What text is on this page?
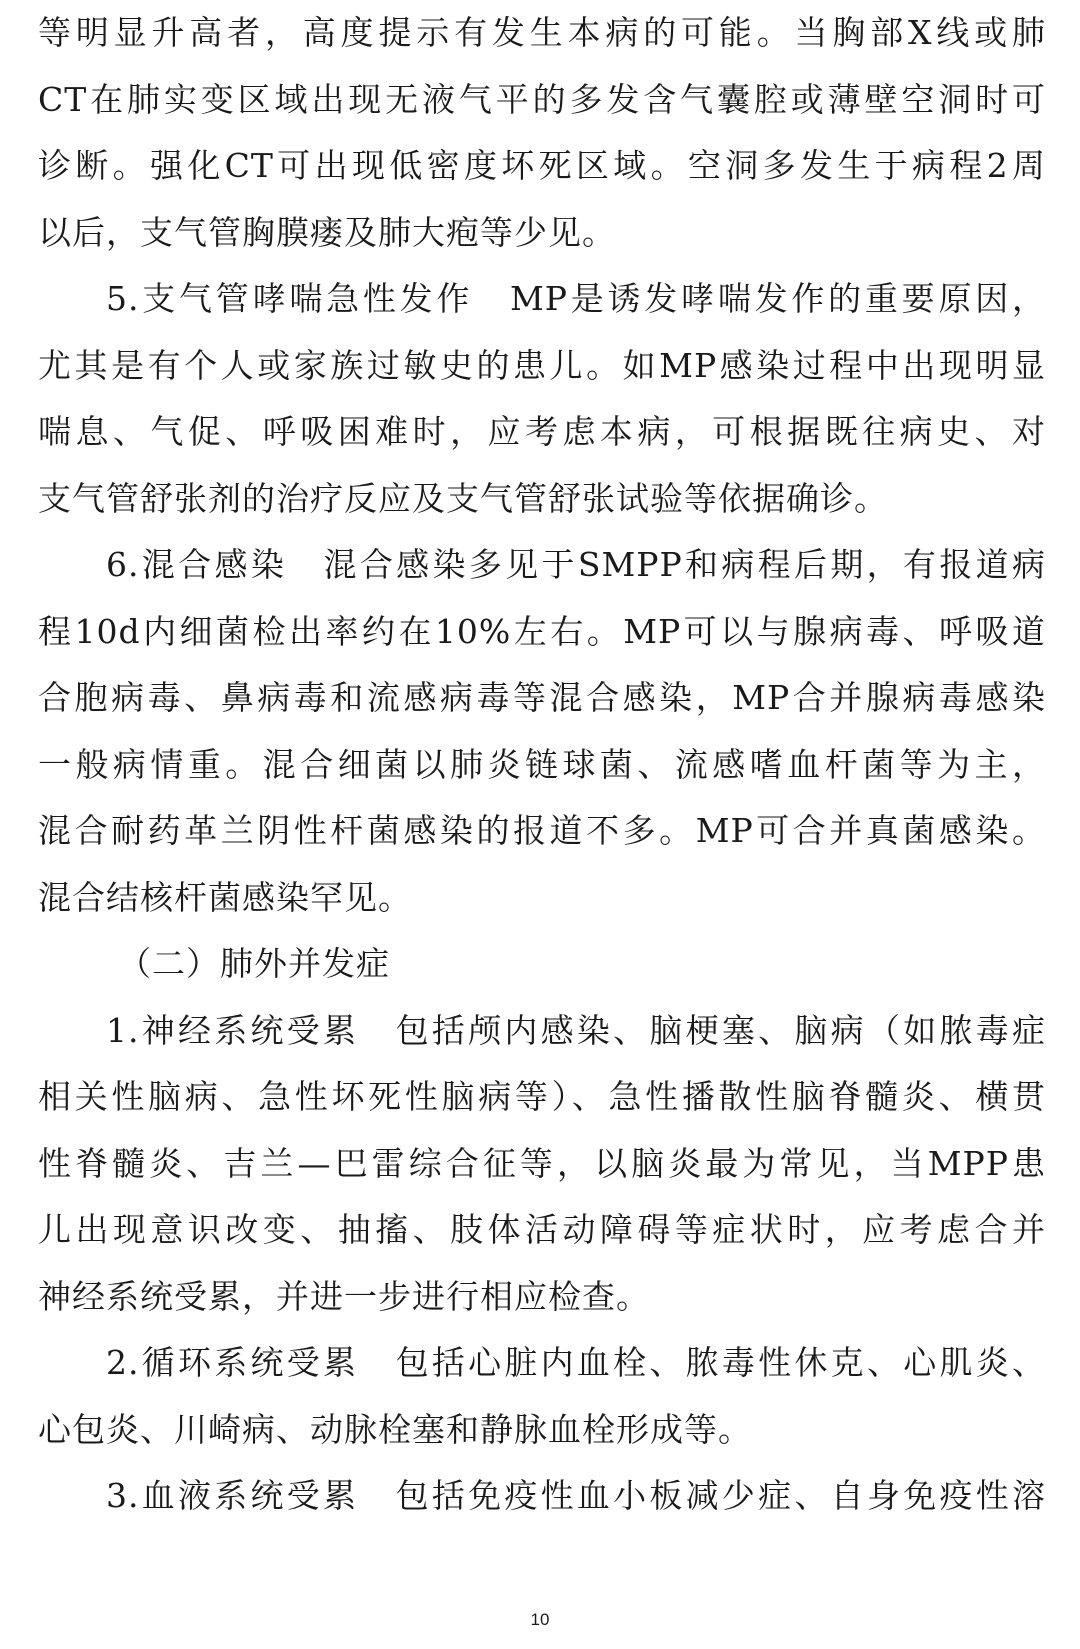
等明显升高者，高度提示有发生本病的可能。当胸部X线或肺
CT在肺实变区域出现无液气平的多发含气囊腔或薄壁空洞时可
诊断。强化CT可出现低密度坏死区域。空洞多发生于病程2周
以后，支气管胸膜瘘及肺大疱等少见。
5.支气管哮喘急性发作　MP是诱发哮喘发作的重要原因，
尤其是有个人或家族过敏史的患儿。如MP感染过程中出现明显
喘息、气促、呼吸困难时，应考虑本病，可根据既往病史、对
支气管舒张剂的治疗反应及支气管舒张试验等依据确诊。
6.混合感染　混合感染多见于SMPP和病程后期，有报道病
程10d内细菌检出率约在10%左右。MP可以与腺病毒、呼吸道
合胞病毒、鼻病毒和流感病毒等混合感染，MP合并腺病毒感染
一般病情重。混合细菌以肺炎链球菌、流感嗜血杆菌等为主，
混合耐药革兰阴性杆菌感染的报道不多。MP可合并真菌感染。
混合结核杆菌感染罕见。
（二）肺外并发症
1.神经系统受累　包括颅内感染、脑梗塞、脑病（如脓毒症
相关性脑病、急性坏死性脑病等）、急性播散性脑脊髓炎、横贯
性脊髓炎、吉兰—巴雷综合征等，以脑炎最为常见，当MPP患
儿出现意识改变、抽搐、肢体活动障碍等症状时，应考虑合并
神经系统受累，并进一步进行相应检查。
2.循环系统受累　包括心脏内血栓、脓毒性休克、心肌炎、
心包炎、川崎病、动脉栓塞和静脉血栓形成等。
3.血液系统受累　包括免疫性血小板减少症、自身免疫性溶
10
